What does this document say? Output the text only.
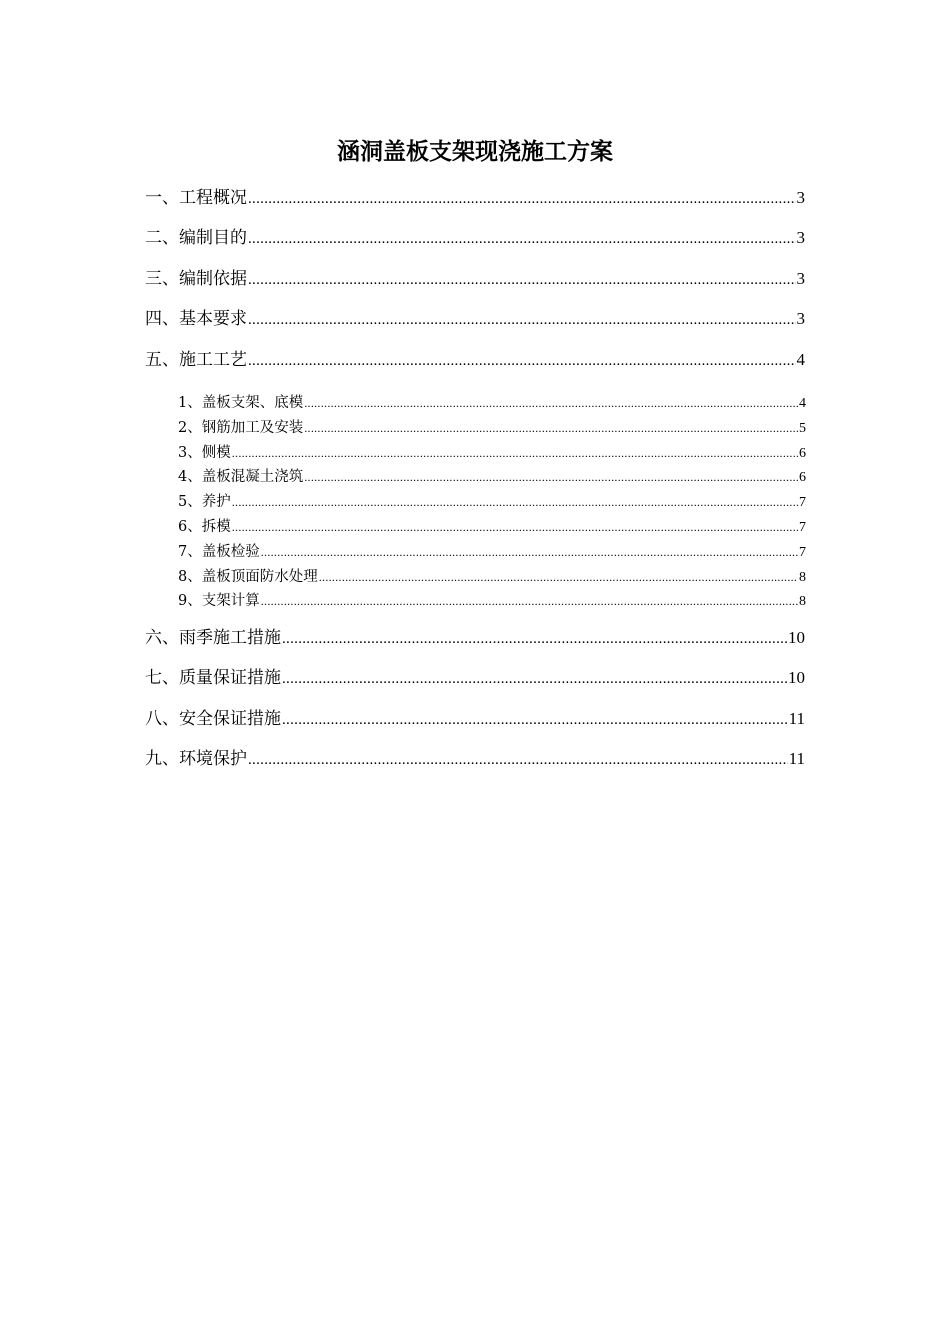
涵洞盖板支架现浇施工方案
一、工程概况 .....	3
二、编制目的 .....	3
三、编制依据 .....	3
四、基本要求 .....	3
五、施工工艺 .....	4
1、盖板支架、底模 .....	4
2、钢筋加工及安装 .....	5
3、侧模 .....	6
4、盖板混凝土浇筑 .....	6
5、养护 .....	7
6、拆模 .....	7
7、盖板检验 .....	7
8、盖板顶面防水处理 .....	8
9、支架计算 .....	8
六、雨季施工措施 .....	10
七、质量保证措施 .....	10
八、安全保证措施 .....	11
九、环境保护 .....	11
